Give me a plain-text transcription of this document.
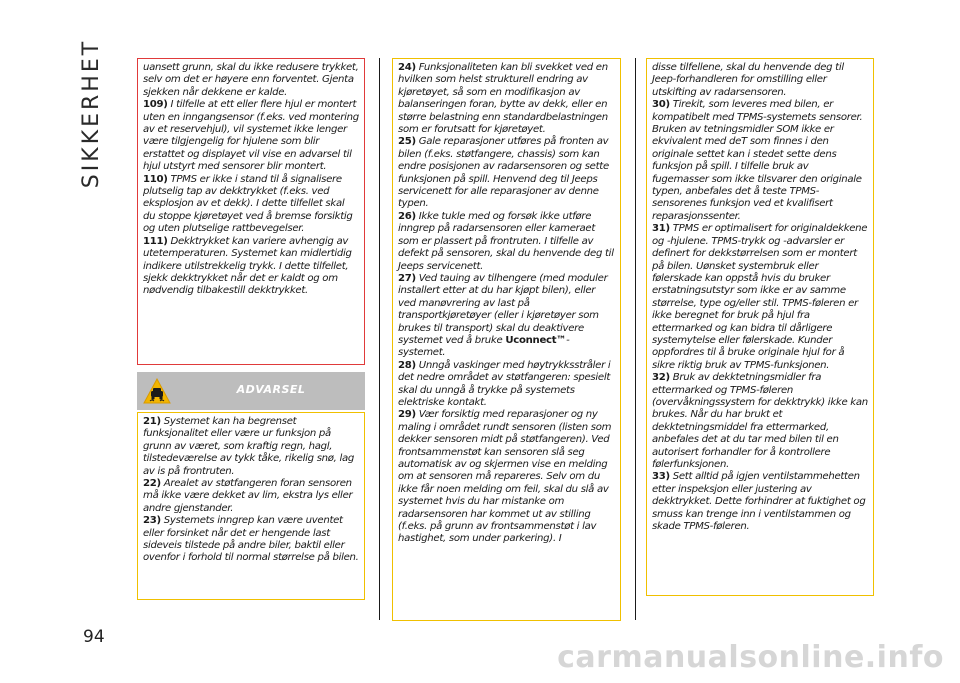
SIKKERHET
94

uansett grunn, skal du ikke redusere trykket, selv om det er høyere enn forventet. Gjenta sjekken når dekkene er kalde.

109) I tilfelle at ett eller flere hjul er montert uten en inngangsensor (f.eks. ved montering av et reservehjul), vil systemet ikke lenger være tilgjengelig for hjulene som blir erstattet og displayet vil vise en advarsel til hjul utstyrt med sensorer blir montert.

110) TPMS er ikke i stand til å signalisere plutselig tap av dekktrykket (f.eks. ved eksplosjon av et dekk). I dette tilfellet skal du stoppe kjøretøyet ved å bremse forsiktig og uten plutselige rattbevegelser.

111) Dekktrykket kan variere avhengig av utetemperaturen. Systemet kan midlertidig indikere utilstrekkelig trykk. I dette tilfellet, sjekk dekktrykket når det er kaldt og om nødvendig tilbakestill dekktrykket.

ADVARSEL

21) Systemet kan ha begrenset funksjonalitet eller være ur funksjon på grunn av været, som kraftig regn, hagl, tilstedeværelse av tykk tåke, rikelig snø, lag av is på frontruten.

22) Arealet av støtfangeren foran sensoren må ikke være dekket av lim, ekstra lys eller andre gjenstander.

23) Systemets inngrep kan være uventet eller forsinket når det er hengende last sideveis tilstede på andre biler, baktil eller ovenfor i forhold til normal størrelse på bilen.

24) Funksjonaliteten kan bli svekket ved en hvilken som helst strukturell endring av kjøretøyet, så som en modifikasjon av balanseringen foran, bytte av dekk, eller en større belastning enn standardbelastningen som er forutsatt for kjøretøyet.

25) Gale reparasjoner utføres på fronten av bilen (f.eks. støtfangere, chassis) som kan endre posisjonen av radarsensoren og sette funksjonen på spill. Henvend deg til Jeeps servicenett for alle reparasjoner av denne typen.

26) Ikke tukle med og forsøk ikke utføre inngrep på radarsensoren eller kameraet som er plassert på frontruten. I tilfelle av defekt på sensoren, skal du henvende deg til Jeeps servicenett.

27) Ved tauing av tilhengere (med moduler installert etter at du har kjøpt bilen), eller ved manøvrering av last på transportkjøretøyer (eller i kjøretøyer som brukes til transport) skal du deaktivere systemet ved å bruke Uconnect™-systemet.

28) Unngå vaskinger med høytrykksstråler i det nedre området av støtfangeren: spesielt skal du unngå å trykke på systemets elektriske kontakt.

29) Vær forsiktig med reparasjoner og ny maling i området rundt sensoren (listen som dekker sensoren midt på støtfangeren). Ved frontsammenstøt kan sensoren slå seg automatisk av og skjermen vise en melding om at sensoren må repareres. Selv om du ikke får noen melding om feil, skal du slå av systemet hvis du har mistanke om radarsensoren har kommet ut av stilling (f.eks. på grunn av frontsammenstøt i lav hastighet, som under parkering). I

disse tilfellene, skal du henvende deg til Jeep-forhandleren for omstilling eller utskifting av radarsensoren.

30) Tirekit, som leveres med bilen, er kompatibelt med TPMS-systemets sensorer. Bruken av tetningsmidler SOM ikke er ekvivalent med deT som finnes i den originale settet kan i stedet sette dens funksjon på spill. I tilfelle bruk av fugemasser som ikke tilsvarer den originale typen, anbefales det å teste TPMS-sensorenes funksjon ved et kvalifisert reparasjonssenter.

31) TPMS er optimalisert for originaldekkene og -hjulene. TPMS-trykk og -advarsler er definert for dekkstørrelsen som er montert på bilen. Uønsket systembruk eller følerskade kan oppstå hvis du bruker erstatningsutstyr som ikke er av samme størrelse, type og/eller stil. TPMS-føleren er ikke beregnet for bruk på hjul fra ettermarked og kan bidra til dårligere systemytelse eller følerskade. Kunder oppfordres til å bruke originale hjul for å sikre riktig bruk av TPMS-funksjonen.

32) Bruk av dekktetningsmidler fra ettermarked og TPMS-føleren (overvåkningssystem for dekktrykk) ikke kan brukes. Når du har brukt et dekktetningsmiddel fra ettermarked, anbefales det at du tar med bilen til en autorisert forhandler for å kontrollere følerfunksjonen.

33) Sett alltid på igjen ventilstammehetten etter inspeksjon eller justering av dekktrykket. Dette forhindrer at fuktighet og smuss kan trenge inn i ventilstammen og skade TPMS-føleren.

carmanualsonline.info
